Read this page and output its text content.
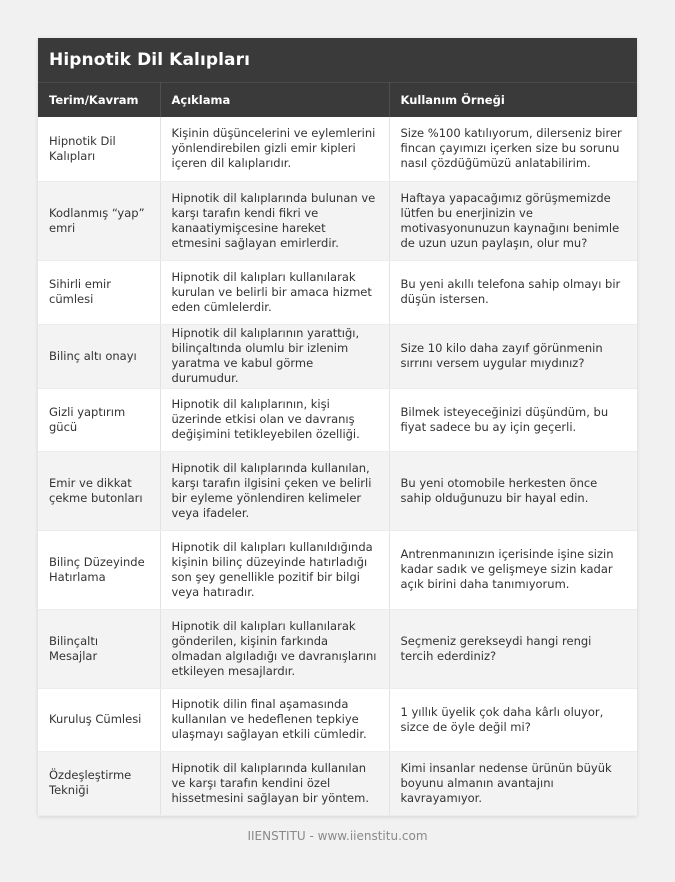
Hipnotik Dil Kalıpları
Terim/Kavram	Açıklama	Kullanım Örneği
Hipnotik Dil Kalıpları	Kişinin düşüncelerini ve eylemlerini yönlendirebilen gizli emir kipleri içeren dil kalıplarıdır.	Size %100 katılıyorum, dilerseniz birer fincan çayımızı içerken size bu sorunu nasıl çözdüğümüzü anlatabilirim.
Kodlanmış “yap” emri	Hipnotik dil kalıplarında bulunan ve karşı tarafın kendi fikri ve kanaatiymişcesine hareket etmesini sağlayan emirlerdir.	Haftaya yapacağımız görüşmemizde lütfen bu enerjinizin ve motivasyonunuzun kaynağını benimle de uzun uzun paylaşın, olur mu?
Sihirli emir cümlesi	Hipnotik dil kalıpları kullanılarak kurulan ve belirli bir amaca hizmet eden cümlelerdir.	Bu yeni akıllı telefona sahip olmayı bir düşün istersen.
Bilinç altı onayı	Hipnotik dil kalıplarının yarattığı, bilinçaltında olumlu bir izlenim yaratma ve kabul görme durumudur.	Size 10 kilo daha zayıf görünmenin sırrını versem uygular mıydınız?
Gizli yaptırım gücü	Hipnotik dil kalıplarının, kişi üzerinde etkisi olan ve davranış değişimini tetikleyebilen özelliği.	Bilmek isteyeceğinizi düşündüm, bu fiyat sadece bu ay için geçerli.
Emir ve dikkat çekme butonları	Hipnotik dil kalıplarında kullanılan, karşı tarafın ilgisini çeken ve belirli bir eyleme yönlendiren kelimeler veya ifadeler.	Bu yeni otomobile herkesten önce sahip olduğunuzu bir hayal edin.
Bilinç Düzeyinde Hatırlama	Hipnotik dil kalıpları kullanıldığında kişinin bilinç düzeyinde hatırladığı son şey genellikle pozitif bir bilgi veya hatıradır.	Antrenmanınızın içerisinde işine sizin kadar sadık ve gelişmeye sizin kadar açık birini daha tanımıyorum.
Bilinçaltı Mesajlar	Hipnotik dil kalıpları kullanılarak gönderilen, kişinin farkında olmadan algıladığı ve davranışlarını etkileyen mesajlardır.	Seçmeniz gerekseydi hangi rengi tercih ederdiniz?
Kuruluş Cümlesi	Hipnotik dilin final aşamasında kullanılan ve hedeflenen tepkiye ulaşmayı sağlayan etkili cümledir.	1 yıllık üyelik çok daha kârlı oluyor, sizce de öyle değil mi?
Özdeşleştirme Tekniği	Hipnotik dil kalıplarında kullanılan ve karşı tarafın kendini özel hissetmesini sağlayan bir yöntem.	Kimi insanlar nedense ürünün büyük boyunu almanın avantajını kavrayamıyor.
IIENSTITU - www.iienstitu.com
